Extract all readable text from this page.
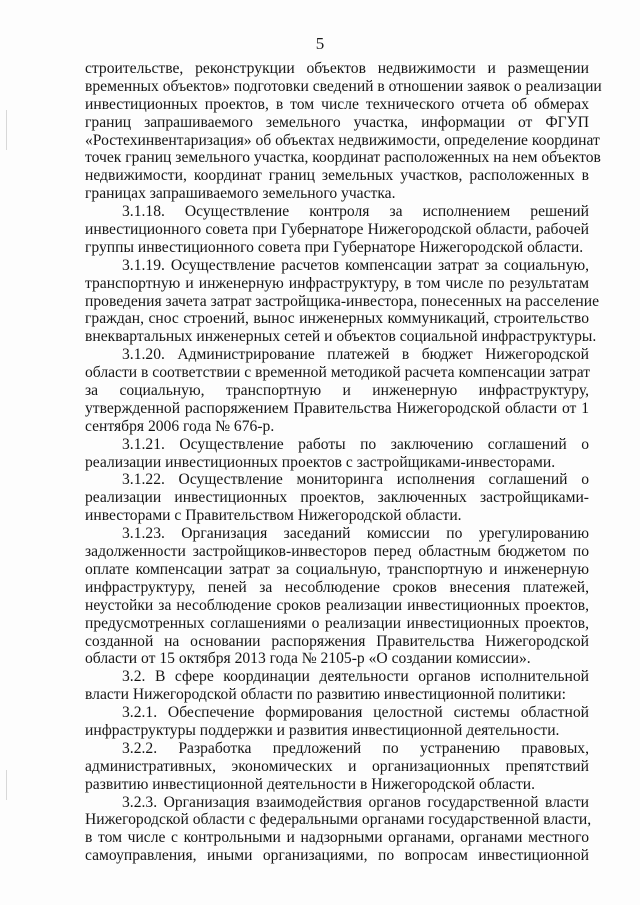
5
строительстве, реконструкции объектов недвижимости и размещении
временных объектов» подготовки сведений в отношении заявок о реализации
инвестиционных проектов, в том числе технического отчета об обмерах
границ запрашиваемого земельного участка, информации от ФГУП
«Ростехинвентаризация» об объектах недвижимости, определение координат
точек границ земельного участка, координат расположенных на нем объектов
недвижимости, координат границ земельных участков, расположенных в
границах запрашиваемого земельного участка.
3.1.18. Осуществление контроля за исполнением решений
инвестиционного совета при Губернаторе Нижегородской области, рабочей
группы инвестиционного совета при Губернаторе Нижегородской области.
3.1.19. Осуществление расчетов компенсации затрат за социальную,
транспортную и инженерную инфраструктуру, в том числе по результатам
проведения зачета затрат застройщика-инвестора, понесенных на расселение
граждан, снос строений, вынос инженерных коммуникаций, строительство
внеквартальных инженерных сетей и объектов социальной инфраструктуры.
3.1.20. Администрирование платежей в бюджет Нижегородской
области в соответствии с временной методикой расчета компенсации затрат
за социальную, транспортную и инженерную инфраструктуру,
утвержденной распоряжением Правительства Нижегородской области от 1
сентября 2006 года № 676-р.
3.1.21. Осуществление работы по заключению соглашений о
реализации инвестиционных проектов с застройщиками-инвесторами.
3.1.22. Осуществление мониторинга исполнения соглашений о
реализации инвестиционных проектов, заключенных застройщиками-
инвесторами с Правительством Нижегородской области.
3.1.23. Организация заседаний комиссии по урегулированию
задолженности застройщиков-инвесторов перед областным бюджетом по
оплате компенсации затрат за социальную, транспортную и инженерную
инфраструктуру, пеней за несоблюдение сроков внесения платежей,
неустойки за несоблюдение сроков реализации инвестиционных проектов,
предусмотренных соглашениями о реализации инвестиционных проектов,
созданной на основании распоряжения Правительства Нижегородской
области от 15 октября 2013 года № 2105-р «О создании комиссии».
3.2. В сфере координации деятельности органов исполнительной
власти Нижегородской области по развитию инвестиционной политики:
3.2.1. Обеспечение формирования целостной системы областной
инфраструктуры поддержки и развития инвестиционной деятельности.
3.2.2. Разработка предложений по устранению правовых,
административных, экономических и организационных препятствий
развитию инвестиционной деятельности в Нижегородской области.
3.2.3. Организация взаимодействия органов государственной власти
Нижегородской области с федеральными органами государственной власти,
в том числе с контрольными и надзорными органами, органами местного
самоуправления, иными организациями, по вопросам инвестиционной
